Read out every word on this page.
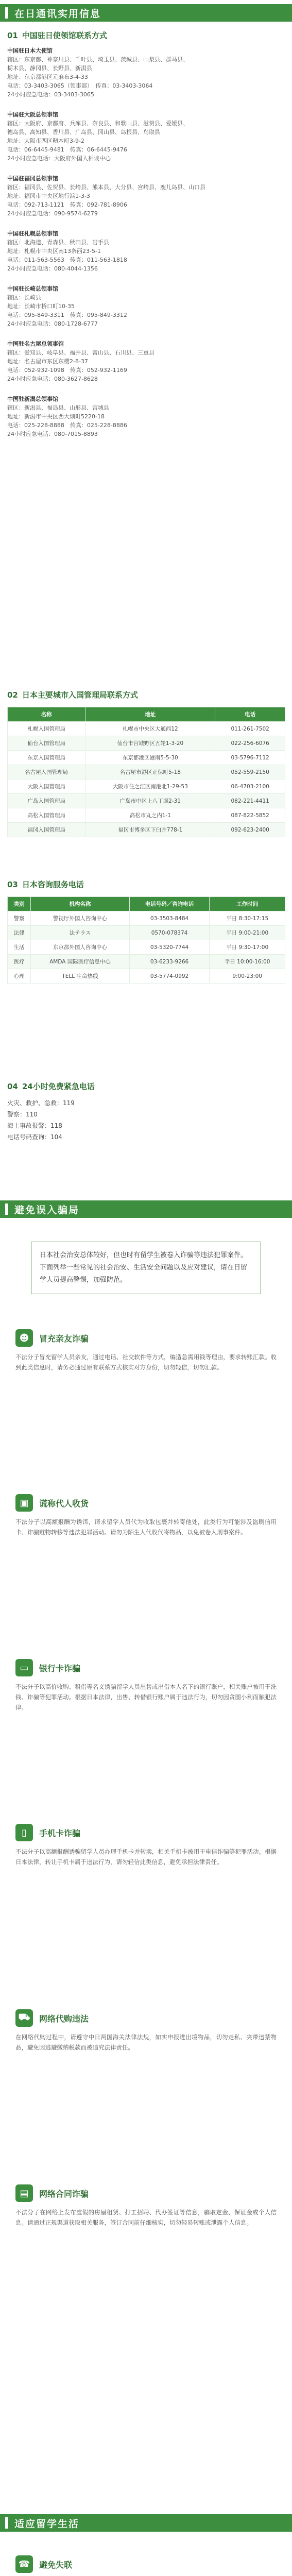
在日通讯实用信息
01 中国驻日使领馆联系方式
中国驻日本大使馆
辖区：东京都、神奈川县、千叶县、埼玉县、茨城县、山梨县、群马县、
栃木县、静冈县、长野县、新潟县
地址：东京都港区元麻布3-4-33
电话：03-3403-3065（领事部）　传真：03-3403-3064
24小时应急电话：03-3403-3065
中国驻大阪总领事馆
辖区：大阪府、京都府、兵库县、奈良县、和歌山县、滋贺县、爱媛县、
德岛县、高知县、香川县、广岛县、冈山县、岛根县、鸟取县
地址：大阪市西区靭本町3-9-2
电话：06-6445-9481　传真：06-6445-9476
24小时应急电话：大阪府外国人相谈中心
中国驻福冈总领事馆
辖区：福冈县、佐贺县、长崎县、熊本县、大分县、宫崎县、鹿儿岛县、山口县
地址：福冈市中央区地行浜1-3-3
电话：092-713-1121　传真：092-781-8906
24小时应急电话：090-9574-6279
中国驻札幌总领事馆
辖区：北海道、青森县、秋田县、岩手县
地址：札幌市中央区南13条西23-5-1
电话：011-563-5563　传真：011-563-1818
24小时应急电话：080-4044-1356
中国驻长崎总领事馆
辖区：长崎县
地址：长崎市桥口町10-35
电话：095-849-3311　传真：095-849-3312
24小时应急电话：080-1728-6777
中国驻名古屋总领事馆
辖区：爱知县、岐阜县、福井县、富山县、石川县、三重县
地址：名古屋市东区东樱2-8-37
电话：052-932-1098　传真：052-932-1169
24小时应急电话：080-3627-8628
中国驻新潟总领事馆
辖区：新潟县、福岛县、山形县、宫城县
地址：新潟市中央区西大畑町5220-18
电话：025-228-8888　传真：025-228-8886
24小时应急电话：080-7015-8893
02 日本主要城市入国管理局联系方式
名称	地址	电话
札幌入国管理局	札幌市中央区大通西12	011-261-7502
仙台入国管理局	仙台市宫城野区五轮1-3-20	022-256-6076
东京入国管理局	东京都港区港南5-5-30	03-5796-7112
名古屋入国管理局	名古屋市港区正保町5-18	052-559-2150
大阪入国管理局	大阪市住之江区南港北1-29-53	06-4703-2100
广岛入国管理局	广岛市中区上八丁堀2-31	082-221-4411
高松入国管理局	高松市丸之内1-1	087-822-5852
福冈入国管理局	福冈市博多区下臼井778-1	092-623-2400
03 日本咨询服务电话
类别	机构名称	电话号码／咨询电话	工作时间
警察	警视厅外国人咨询中心	03-3503-8484	平日 8:30-17:15
法律	法テラス	0570-078374	平日 9:00-21:00
生活	东京都外国人咨询中心	03-5320-7744	平日 9:30-17:00
医疗	AMDA 国际医疗信息中心	03-6233-9266	平日 10:00-16:00
心理	TELL 生命热线	03-5774-0992	9:00-23:00
04 24小时免费紧急电话
火灾、救护、急救：119
警察：110
海上事故报警：118
电话号码查询：104
避免误入骗局
日本社会治安总体较好，但也时有留学生被卷入诈骗等违法犯罪案件。下面列举一些常见的社会治安、生活安全问题以及应对建议，请在日留学人员提高警惕，加强防范。
☻	冒充亲友诈骗
不法分子冒充留学人员亲友，通过电话、社交软件等方式，编造急需用钱等理由，要求转账汇款。收到此类信息时，请务必通过原有联系方式核实对方身份，切勿轻信，切勿汇款。
▣	谎称代人收货
不法分子以高额报酬为诱饵，请求留学人员代为收取包裹并转寄他处，此类行为可能涉及盗刷信用卡、诈骗赃物转移等违法犯罪活动。请勿为陌生人代收代寄物品，以免被卷入刑事案件。
▭	银行卡诈骗
不法分子以高价收购、租借等名义诱骗留学人员出售或出借本人名下的银行账户，相关账户被用于洗钱、诈骗等犯罪活动。根据日本法律，出售、转借银行账户属于违法行为，切勿因贪图小利而触犯法律。
▯	手机卡诈骗
不法分子以高额报酬诱骗留学人员办理手机卡并转卖，相关手机卡被用于电信诈骗等犯罪活动。根据日本法律，转让手机卡属于违法行为，请勿轻信此类信息，避免承担法律责任。
⛟	网络代购违法
在网络代购过程中，请遵守中日两国海关法律法规，如实申报进出境物品，切勿走私、夹带违禁物品，避免因逃避缴纳税款而被追究法律责任。
▤	网络合同诈骗
不法分子在网络上发布虚假的房屋租赁、打工招聘、代办签证等信息，骗取定金、保证金或个人信息。请通过正规渠道获取相关服务，签订合同前仔细核实，切勿轻易转账或泄露个人信息。
适应留学生活
☎	避免失联
